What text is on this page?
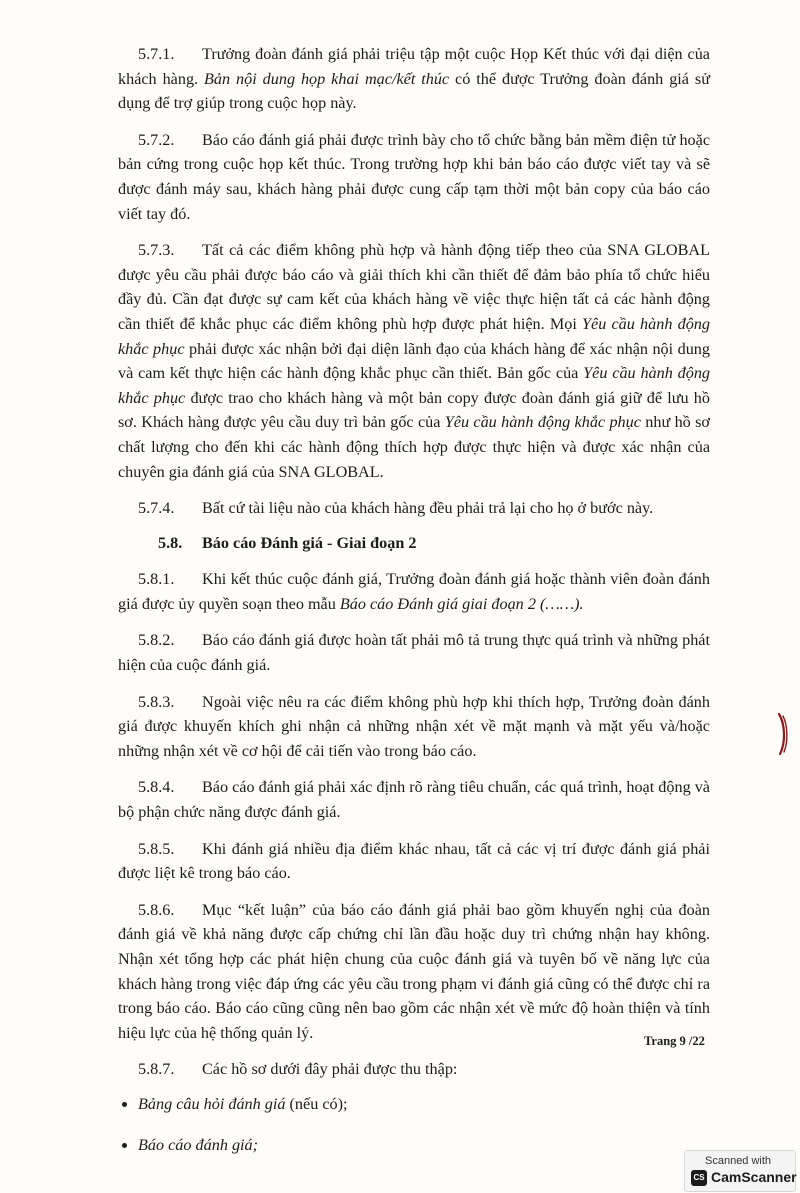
5.7.1. Trưởng đoàn đánh giá phải triệu tập một cuộc Họp Kết thúc với đại diện của khách hàng. Bản nội dung họp khai mạc/kết thúc có thể được Trưởng đoàn đánh giá sử dụng để trợ giúp trong cuộc họp này.

5.7.2. Báo cáo đánh giá phải được trình bày cho tổ chức bằng bản mềm điện tử hoặc bản cứng trong cuộc họp kết thúc. Trong trường hợp khi bản báo cáo được viết tay và sẽ được đánh máy sau, khách hàng phải được cung cấp tạm thời một bản copy của báo cáo viết tay đó.

5.7.3. Tất cả các điểm không phù hợp và hành động tiếp theo của SNA GLOBAL được yêu cầu phải được báo cáo và giải thích khi cần thiết để đảm bảo phía tổ chức hiểu đầy đủ. Cần đạt được sự cam kết của khách hàng về việc thực hiện tất cả các hành động cần thiết để khắc phục các điểm không phù hợp được phát hiện. Mọi Yêu cầu hành động khắc phục phải được xác nhận bởi đại diện lãnh đạo của khách hàng để xác nhận nội dung và cam kết thực hiện các hành động khắc phục cần thiết. Bản gốc của Yêu cầu hành động khắc phục được trao cho khách hàng và một bản copy được đoàn đánh giá giữ để lưu hồ sơ. Khách hàng được yêu cầu duy trì bản gốc của Yêu cầu hành động khắc phục như hồ sơ chất lượng cho đến khi các hành động thích hợp được thực hiện và được xác nhận của chuyên gia đánh giá của SNA GLOBAL.

5.7.4. Bất cứ tài liệu nào của khách hàng đều phải trả lại cho họ ở bước này.

5.8. Báo cáo Đánh giá - Giai đoạn 2

5.8.1. Khi kết thúc cuộc đánh giá, Trưởng đoàn đánh giá hoặc thành viên đoàn đánh giá được ủy quyền soạn theo mẫu Báo cáo Đánh giá giai đoạn 2 (……).

5.8.2. Báo cáo đánh giá được hoàn tất phải mô tả trung thực quá trình và những phát hiện của cuộc đánh giá.

5.8.3. Ngoài việc nêu ra các điểm không phù hợp khi thích hợp, Trưởng đoàn đánh giá được khuyến khích ghi nhận cả những nhận xét về mặt mạnh và mặt yếu và/hoặc những nhận xét về cơ hội để cải tiến vào trong báo cáo.

5.8.4. Báo cáo đánh giá phải xác định rõ ràng tiêu chuẩn, các quá trình, hoạt động và bộ phận chức năng được đánh giá.

5.8.5. Khi đánh giá nhiều địa điểm khác nhau, tất cả các vị trí được đánh giá phải được liệt kê trong báo cáo.

5.8.6. Mục “kết luận” của báo cáo đánh giá phải bao gồm khuyến nghị của đoàn đánh giá về khả năng được cấp chứng chỉ lần đầu hoặc duy trì chứng nhận hay không. Nhận xét tổng hợp các phát hiện chung của cuộc đánh giá và tuyên bố về năng lực của khách hàng trong việc đáp ứng các yêu cầu trong phạm vi đánh giá cũng có thể được chỉ ra trong báo cáo. Báo cáo cũng cũng nên bao gồm các nhận xét về mức độ hoàn thiện và tính hiệu lực của hệ thống quản lý.

5.8.7. Các hồ sơ dưới đây phải được thu thập:

Bảng câu hỏi đánh giá (nếu có);
Báo cáo đánh giá;
Trang 9 /22
Scanned with
CS CamScanner
